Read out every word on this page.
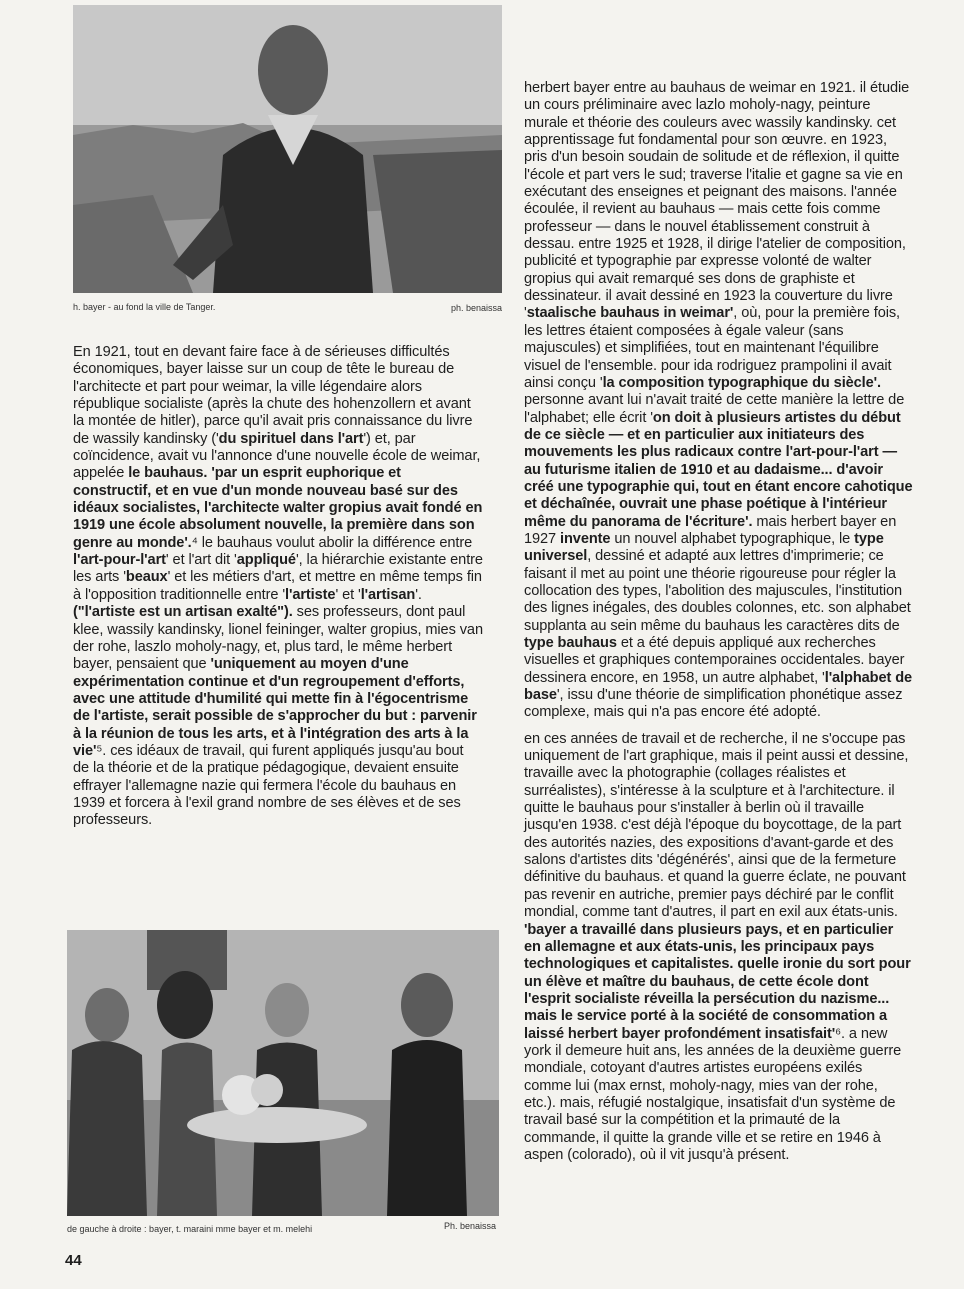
h. bayer - au fond la ville de Tanger.	ph. benaissa

En 1921, tout en devant faire face à de sérieuses difficultés économiques, bayer laisse sur un coup de tête le bureau de l'architecte et part pour weimar, la ville légendaire alors république socialiste (après la chute des hohenzollern et avant la montée de hitler), parce qu'il avait pris connaissance du livre de wassily kandinsky ('du spirituel dans l'art') et, par coïncidence, avait vu l'annonce d'une nouvelle école de weimar, appelée le bauhaus. 'par un esprit euphorique et constructif, et en vue d'un monde nouveau basé sur des idéaux socialistes, l'architecte walter gropius avait fondé en 1919 une école absolument nouvelle, la première dans son genre au monde'.⁴ le bauhaus voulut abolir la différence entre l'art-pour-l'art' et l'art dit 'appliqué', la hiérarchie existante entre les arts 'beaux' et les métiers d'art, et mettre en même temps fin à l'opposition traditionnelle entre 'l'artiste' et 'l'artisan'. ("l'artiste est un artisan exalté"). ses professeurs, dont paul klee, wassily kandinsky, lionel feininger, walter gropius, mies van der rohe, laszlo moholy-nagy, et, plus tard, le même herbert bayer, pensaient que 'uniquement au moyen d'une expérimentation continue et d'un regroupement d'efforts, avec une attitude d'humilité qui mette fin à l'égocentrisme de l'artiste, serait possible de s'approcher du but : parvenir à la réunion de tous les arts, et à l'intégration des arts à la vie'⁵. ces idéaux de travail, qui furent appliqués jusqu'au bout de la théorie et de la pratique pédagogique, devaient ensuite effrayer l'allemagne nazie qui fermera l'école du bauhaus en 1939 et forcera à l'exil grand nombre de ses élèves et de ses professeurs.

de gauche à droite : bayer, t. maraini mme bayer et m. melehi	Ph. benaissa

herbert bayer entre au bauhaus de weimar en 1921. il étudie un cours préliminaire avec lazlo moholy-nagy, peinture murale et théorie des couleurs avec wassily kandinsky. cet apprentissage fut fondamental pour son œuvre. en 1923, pris d'un besoin soudain de solitude et de réflexion, il quitte l'école et part vers le sud; traverse l'italie et gagne sa vie en exécutant des enseignes et peignant des maisons. l'année écoulée, il revient au bauhaus — mais cette fois comme professeur — dans le nouvel établissement construit à dessau. entre 1925 et 1928, il dirige l'atelier de composition, publicité et typographie par expresse volonté de walter gropius qui avait remarqué ses dons de graphiste et dessinateur. il avait dessiné en 1923 la couverture du livre 'staalische bauhaus in weimar', où, pour la première fois, les lettres étaient composées à égale valeur (sans majuscules) et simplifiées, tout en maintenant l'équilibre visuel de l'ensemble. pour ida rodriguez prampolini il avait ainsi conçu 'la composition typographique du siècle'. personne avant lui n'avait traité de cette manière la lettre de l'alphabet; elle écrit 'on doit à plusieurs artistes du début de ce siècle — et en particulier aux initiateurs des mouvements les plus radicaux contre l'art-pour-l'art — au futurisme italien de 1910 et au dadaisme... d'avoir créé une typographie qui, tout en étant encore cahotique et déchaînée, ouvrait une phase poétique à l'intérieur même du panorama de l'écriture'. mais herbert bayer en 1927 invente un nouvel alphabet typographique, le type universel, dessiné et adapté aux lettres d'imprimerie; ce faisant il met au point une théorie rigoureuse pour régler la collocation des types, l'abolition des majuscules, l'institution des lignes inégales, des doubles colonnes, etc. son alphabet supplanta au sein même du bauhaus les caractères dits de type bauhaus et a été depuis appliqué aux recherches visuelles et graphiques contemporaines occidentales. bayer dessinera encore, en 1958, un autre alphabet, 'l'alphabet de base', issu d'une théorie de simplification phonétique assez complexe, mais qui n'a pas encore été adopté.

en ces années de travail et de recherche, il ne s'occupe pas uniquement de l'art graphique, mais il peint aussi et dessine, travaille avec la photographie (collages réalistes et surréalistes), s'intéresse à la sculpture et à l'architecture. il quitte le bauhaus pour s'installer à berlin où il travaille jusqu'en 1938. c'est déjà l'époque du boycottage, de la part des autorités nazies, des expositions d'avant-garde et des salons d'artistes dits 'dégénérés', ainsi que de la fermeture définitive du bauhaus. et quand la guerre éclate, ne pouvant pas revenir en autriche, premier pays déchiré par le conflit mondial, comme tant d'autres, il part en exil aux états-unis. 'bayer a travaillé dans plusieurs pays, et en particulier en allemagne et aux états-unis, les principaux pays technologiques et capitalistes. quelle ironie du sort pour un élève et maître du bauhaus, de cette école dont l'esprit socialiste réveilla la persécution du nazisme... mais le service porté à la société de consommation a laissé herbert bayer profondément insatisfait'⁶. a new york il demeure huit ans, les années de la deuxième guerre mondiale, cotoyant d'autres artistes européens exilés comme lui (max ernst, moholy-nagy, mies van der rohe, etc.). mais, réfugié nostalgique, insatisfait d'un système de travail basé sur la compétition et la primauté de la commande, il quitte la grande ville et se retire en 1946 à aspen (colorado), où il vit jusqu'à présent.

44
